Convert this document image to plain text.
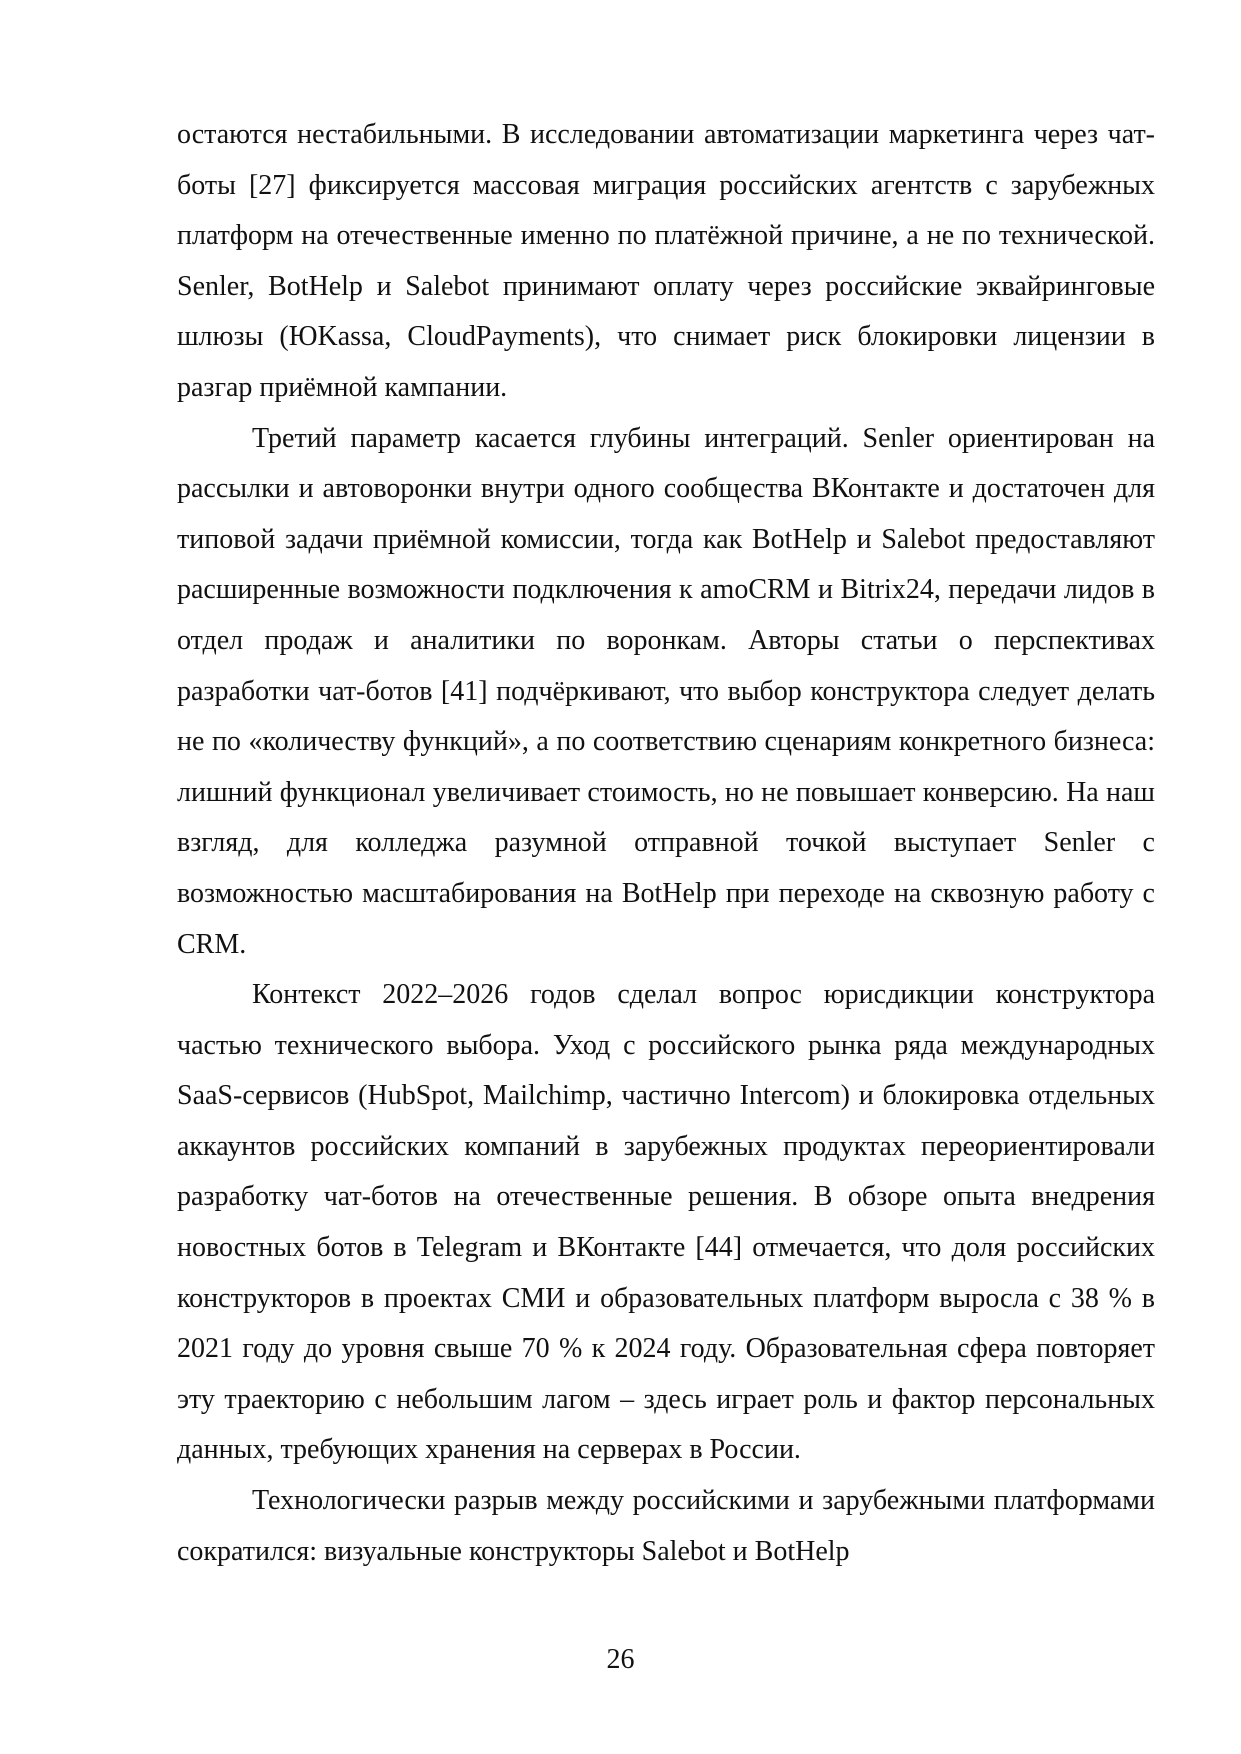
остаются нестабильными. В исследовании автоматизации маркетинга через чат-боты [27] фиксируется массовая миграция российских агентств с зарубежных платформ на отечественные именно по платёжной причине, а не по технической. Senler, BotHelp и Salebot принимают оплату через российские эквайринговые шлюзы (ЮKassa, CloudPayments), что снимает риск блокировки лицензии в разгар приёмной кампании.

Третий параметр касается глубины интеграций. Senler ориентирован на рассылки и автоворонки внутри одного сообщества ВКонтакте и достаточен для типовой задачи приёмной комиссии, тогда как BotHelp и Salebot предоставляют расширенные возможности подключения к amoCRM и Bitrix24, передачи лидов в отдел продаж и аналитики по воронкам. Авторы статьи о перспективах разработки чат-ботов [41] подчёркивают, что выбор конструктора следует делать не по «количеству функций», а по соответствию сценариям конкретного бизнеса: лишний функционал увеличивает стоимость, но не повышает конверсию. На наш взгляд, для колледжа разумной отправной точкой выступает Senler с возможностью масштабирования на BotHelp при переходе на сквозную работу с CRM.

Контекст 2022–2026 годов сделал вопрос юрисдикции конструктора частью технического выбора. Уход с российского рынка ряда международных SaaS-сервисов (HubSpot, Mailchimp, частично Intercom) и блокировка отдельных аккаунтов российских компаний в зарубежных продуктах переориентировали разработку чат-ботов на отечественные решения. В обзоре опыта внедрения новостных ботов в Telegram и ВКонтакте [44] отмечается, что доля российских конструкторов в проектах СМИ и образовательных платформ выросла с 38 % в 2021 году до уровня свыше 70 % к 2024 году. Образовательная сфера повторяет эту траекторию с небольшим лагом – здесь играет роль и фактор персональных данных, требующих хранения на серверах в России.

Технологически разрыв между российскими и зарубежными платформами сократился: визуальные конструкторы Salebot и BotHelp

26
